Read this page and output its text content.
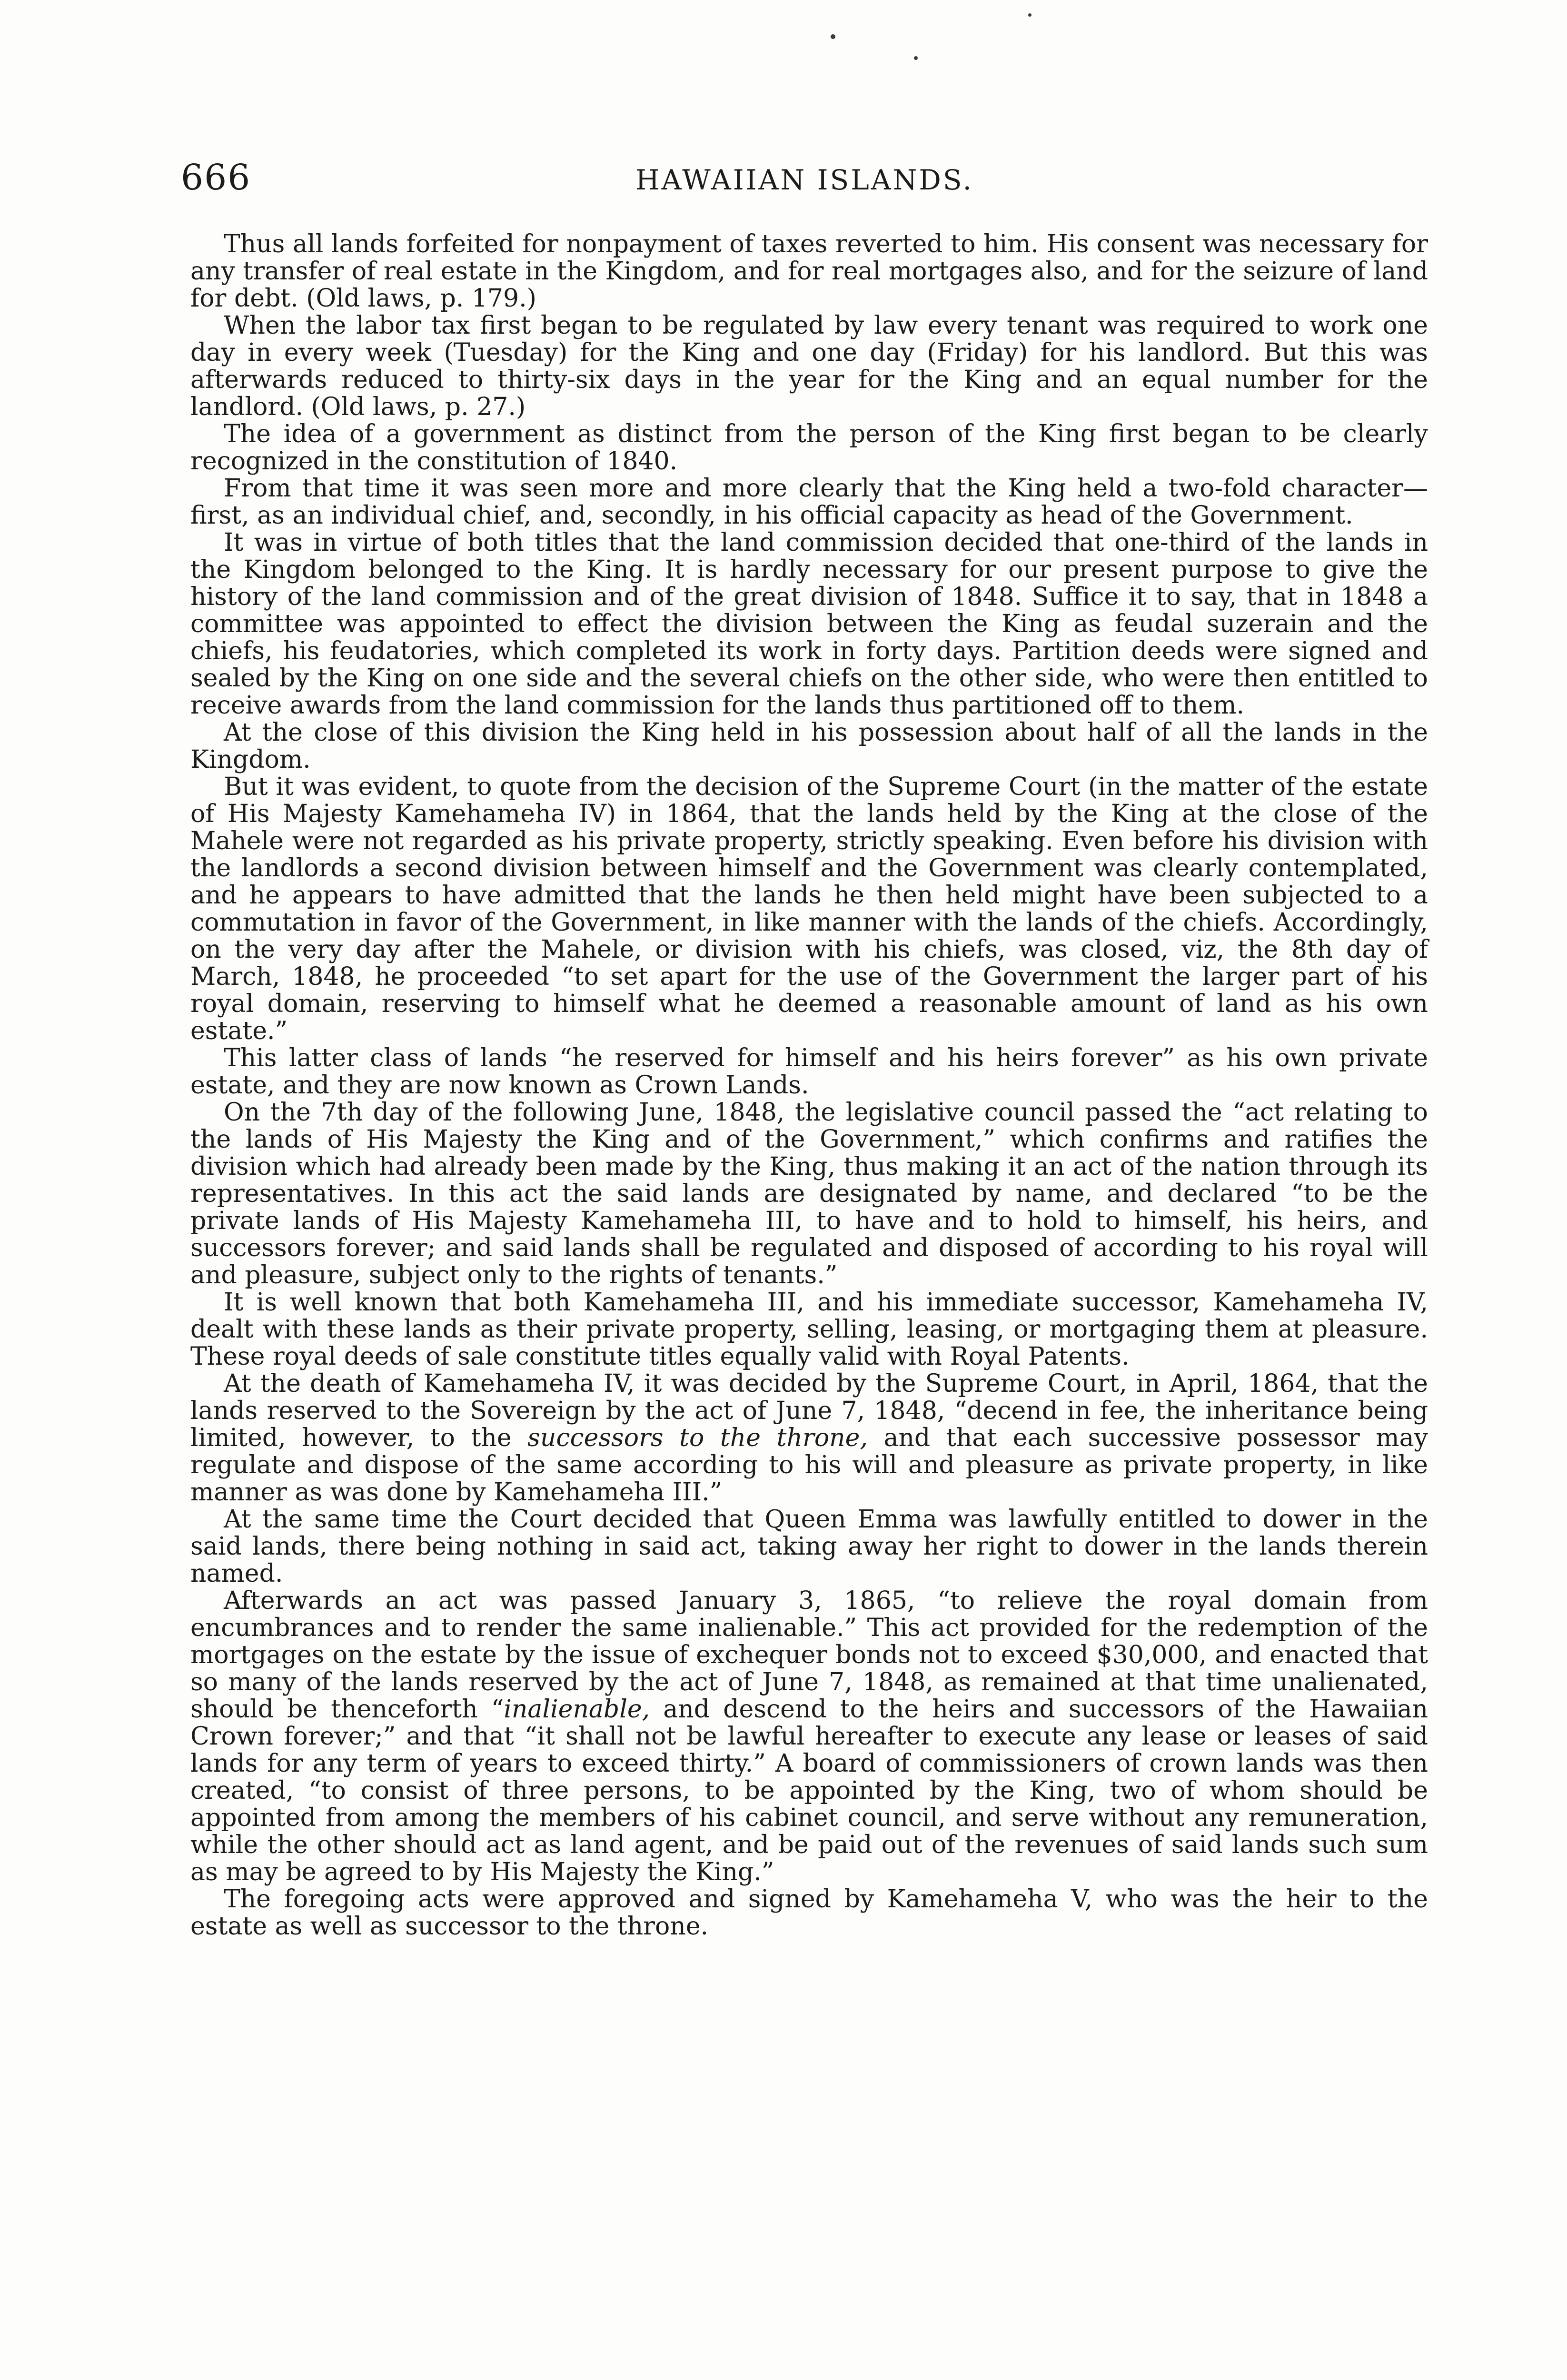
666	HAWAIIAN ISLANDS.

Thus all lands forfeited for nonpayment of taxes reverted to him. His consent was necessary for any transfer of real estate in the Kingdom, and for real mortgages also, and for the seizure of land for debt. (Old laws, p. 179.)

When the labor tax first began to be regulated by law every tenant was required to work one day in every week (Tuesday) for the King and one day (Friday) for his landlord. But this was afterwards reduced to thirty-six days in the year for the King and an equal number for the landlord. (Old laws, p. 27.)

The idea of a government as distinct from the person of the King first began to be clearly recognized in the constitution of 1840.

From that time it was seen more and more clearly that the King held a two-fold character—first, as an individual chief, and, secondly, in his official capacity as head of the Government.

It was in virtue of both titles that the land commission decided that one-third of the lands in the Kingdom belonged to the King. It is hardly necessary for our present purpose to give the history of the land commission and of the great division of 1848. Suffice it to say, that in 1848 a committee was appointed to effect the division between the King as feudal suzerain and the chiefs, his feudatories, which completed its work in forty days. Partition deeds were signed and sealed by the King on one side and the several chiefs on the other side, who were then entitled to receive awards from the land commission for the lands thus partitioned off to them.

At the close of this division the King held in his possession about half of all the lands in the Kingdom.

But it was evident, to quote from the decision of the Supreme Court (in the matter of the estate of His Majesty Kamehameha IV) in 1864, that the lands held by the King at the close of the Mahele were not regarded as his private property, strictly speaking. Even before his division with the landlords a second division between himself and the Government was clearly contemplated, and he appears to have admitted that the lands he then held might have been subjected to a commutation in favor of the Government, in like manner with the lands of the chiefs. Accordingly, on the very day after the Mahele, or division with his chiefs, was closed, viz, the 8th day of March, 1848, he proceeded “to set apart for the use of the Government the larger part of his royal domain, reserving to himself what he deemed a reasonable amount of land as his own estate.”

This latter class of lands “he reserved for himself and his heirs forever” as his own private estate, and they are now known as Crown Lands.

On the 7th day of the following June, 1848, the legislative council passed the “act relating to the lands of His Majesty the King and of the Government,” which confirms and ratifies the division which had already been made by the King, thus making it an act of the nation through its representatives. In this act the said lands are designated by name, and declared “to be the private lands of His Majesty Kamehameha III, to have and to hold to himself, his heirs, and successors forever; and said lands shall be regulated and disposed of according to his royal will and pleasure, subject only to the rights of tenants.”

It is well known that both Kamehameha III, and his immediate successor, Kamehameha IV, dealt with these lands as their private property, selling, leasing, or mortgaging them at pleasure. These royal deeds of sale constitute titles equally valid with Royal Patents.

At the death of Kamehameha IV, it was decided by the Supreme Court, in April, 1864, that the lands reserved to the Sovereign by the act of June 7, 1848, “decend in fee, the inheritance being limited, however, to the successors to the throne, and that each successive possessor may regulate and dispose of the same according to his will and pleasure as private property, in like manner as was done by Kamehameha III.”

At the same time the Court decided that Queen Emma was lawfully entitled to dower in the said lands, there being nothing in said act, taking away her right to dower in the lands therein named.

Afterwards an act was passed January 3, 1865, “to relieve the royal domain from encumbrances and to render the same inalienable.” This act provided for the redemption of the mortgages on the estate by the issue of exchequer bonds not to exceed $30,000, and enacted that so many of the lands reserved by the act of June 7, 1848, as remained at that time unalienated, should be thenceforth “inalienable, and descend to the heirs and successors of the Hawaiian Crown forever;” and that “it shall not be lawful hereafter to execute any lease or leases of said lands for any term of years to exceed thirty.” A board of commissioners of crown lands was then created, “to consist of three persons, to be appointed by the King, two of whom should be appointed from among the members of his cabinet council, and serve without any remuneration, while the other should act as land agent, and be paid out of the revenues of said lands such sum as may be agreed to by His Majesty the King.”

The foregoing acts were approved and signed by Kamehameha V, who was the heir to the estate as well as successor to the throne.
